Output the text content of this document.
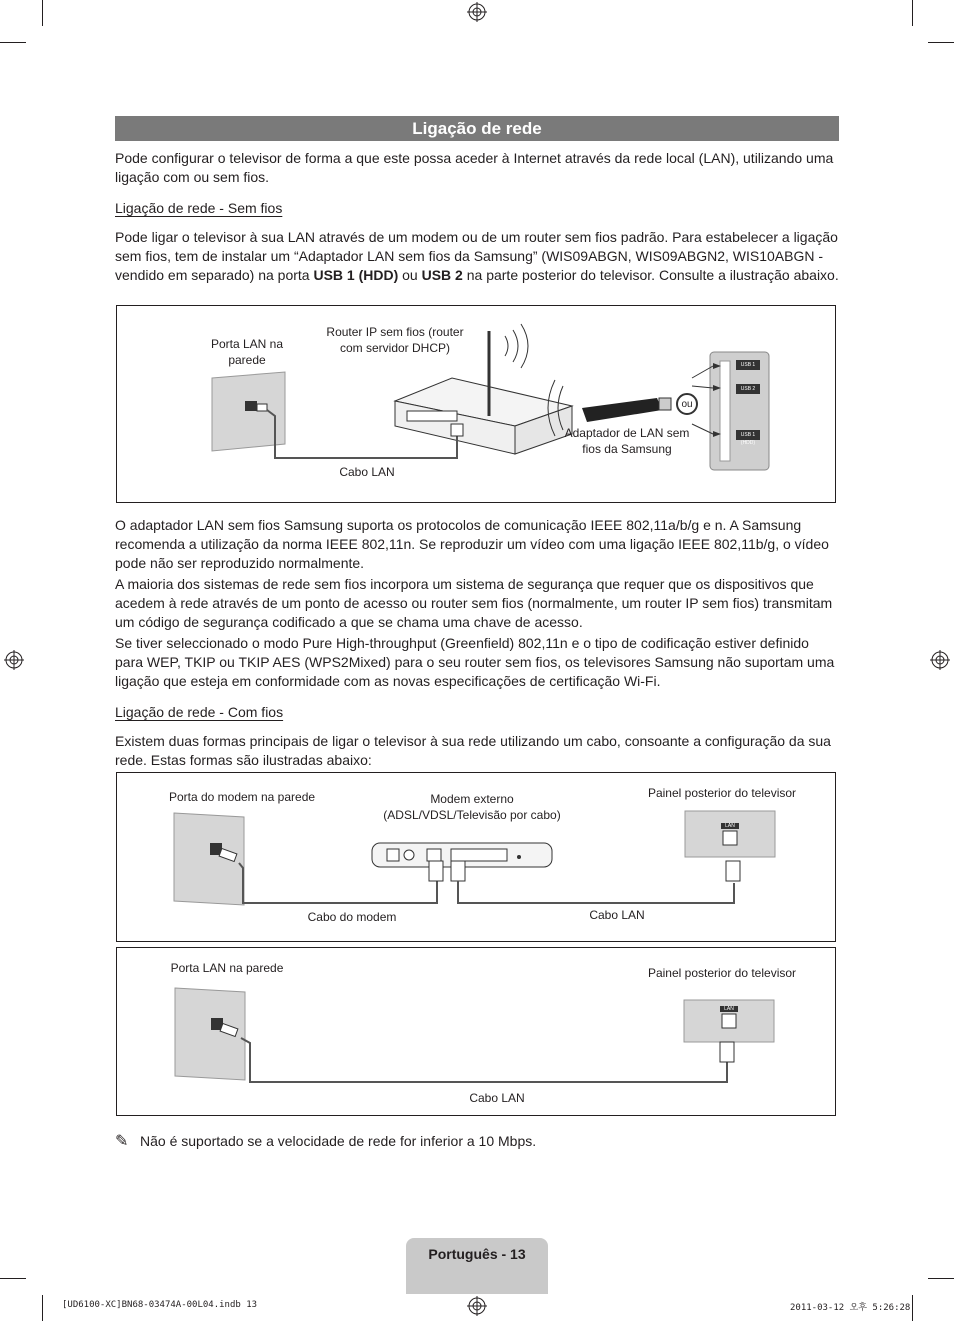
Ligação de rede

Pode configurar o televisor de forma a que este possa aceder à Internet através da rede local (LAN), utilizando uma ligação com ou sem fios.

Ligação de rede - Sem fios

Pode ligar o televisor à sua LAN através de um modem ou de um router sem fios padrão. Para estabelecer a ligação sem fios, tem de instalar um “Adaptador LAN sem fios da Samsung” (WIS09ABGN, WIS09ABGN2, WIS10ABGN - vendido em separado) na porta USB 1 (HDD) ou USB 2 na parte posterior do televisor. Consulte a ilustração abaixo.

Porta LAN na parede
Router IP sem fios (router com servidor DHCP)
Cabo LAN
Adaptador de LAN sem fios da Samsung
ou
USB 1
USB 2
USB 1 (HDD)

O adaptador LAN sem fios Samsung suporta os protocolos de comunicação IEEE 802,11a/b/g e n. A Samsung recomenda a utilização da norma IEEE 802,11n. Se reproduzir um vídeo com uma ligação IEEE 802,11b/g, o vídeo pode não ser reproduzido normalmente.

A maioria dos sistemas de rede sem fios incorpora um sistema de segurança que requer que os dispositivos que acedem à rede através de um ponto de acesso ou router sem fios (normalmente, um router IP sem fios) transmitam um código de segurança codificado a que se chama uma chave de acesso.

Se tiver seleccionado o modo Pure High-throughput (Greenfield) 802,11n e o tipo de codificação estiver definido para WEP, TKIP ou TKIP AES (WPS2Mixed) para o seu router sem fios, os televisores Samsung não suportam uma ligação que esteja em conformidade com as novas especificações de certificação Wi-Fi.

Ligação de rede - Com fios

Existem duas formas principais de ligar o televisor à sua rede utilizando um cabo, consoante a configuração da sua rede. Estas formas são ilustradas abaixo:

Porta do modem na parede	Modem externo (ADSL/VDSL/Televisão por cabo)
Painel posterior do televisor
Cabo do modem	Cabo LAN
LAN
Porta LAN na parede	Painel posterior do televisor
Cabo LAN
LAN
✎ Não é suportado se a velocidade de rede for inferior a 10 Mbps.
Português - 13
[UD6100-XC]BN68-03474A-00L04.indb 13	2011-03-12 오후 5:26:28
